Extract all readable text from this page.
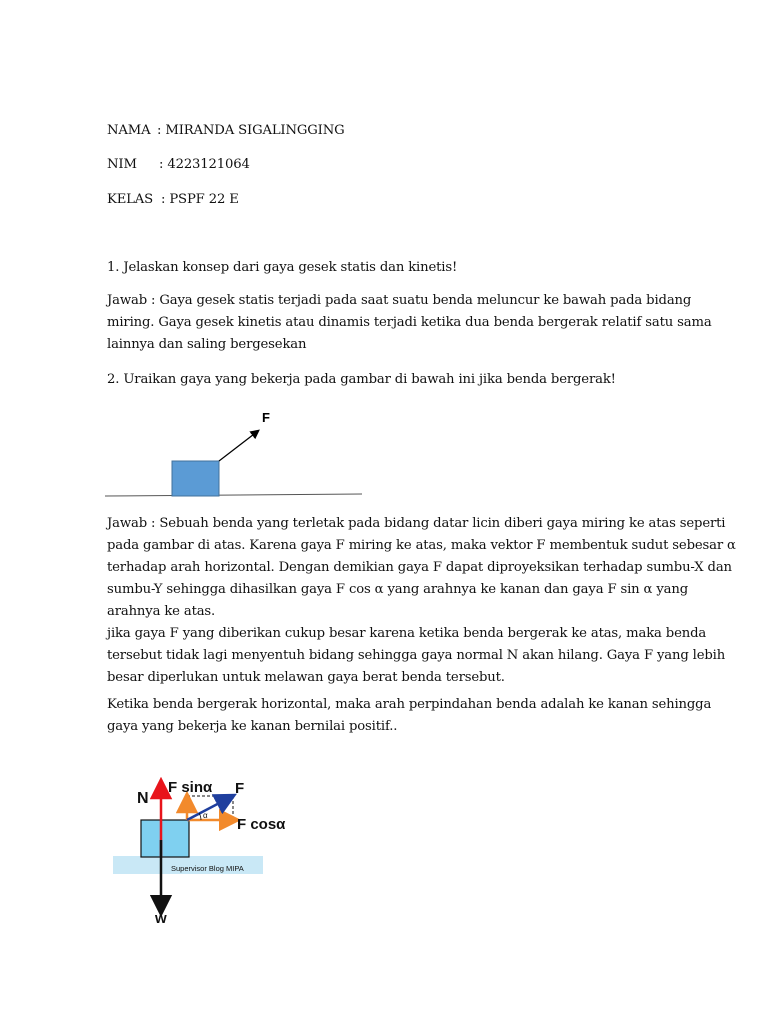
NAMA : MIRANDA SIGALINGGING
NIM : 4223121064
KELAS : PSPF 22 E
1. Jelaskan konsep dari gaya gesek statis dan kinetis!
Jawab : Gaya gesek statis terjadi pada saat suatu benda meluncur ke bawah pada bidang
miring. Gaya gesek kinetis atau dinamis terjadi ketika dua benda bergerak relatif satu sama
lainnya dan saling bergesekan
2. Uraikan gaya yang bekerja pada gambar di bawah ini jika benda bergerak!
F
Jawab : Sebuah benda yang terletak pada bidang datar licin diberi gaya miring ke atas seperti
pada gambar di atas. Karena gaya F miring ke atas, maka vektor F membentuk sudut sebesar α
terhadap arah horizontal. Dengan demikian gaya F dapat diproyeksikan terhadap sumbu-X dan
sumbu-Y sehingga dihasilkan gaya F cos α yang arahnya ke kanan dan gaya F sin α yang
arahnya ke atas.
jika gaya F yang diberikan cukup besar karena ketika benda bergerak ke atas, maka benda
tersebut tidak lagi menyentuh bidang sehingga gaya normal N akan hilang. Gaya F yang lebih
besar diperlukan untuk melawan gaya berat benda tersebut.
Ketika benda bergerak horizontal, maka arah perpindahan benda adalah ke kanan sehingga
gaya yang bekerja ke kanan bernilai positif..
Supervisor Blog MIPA
N
w
α
F sinα F
F cosα
